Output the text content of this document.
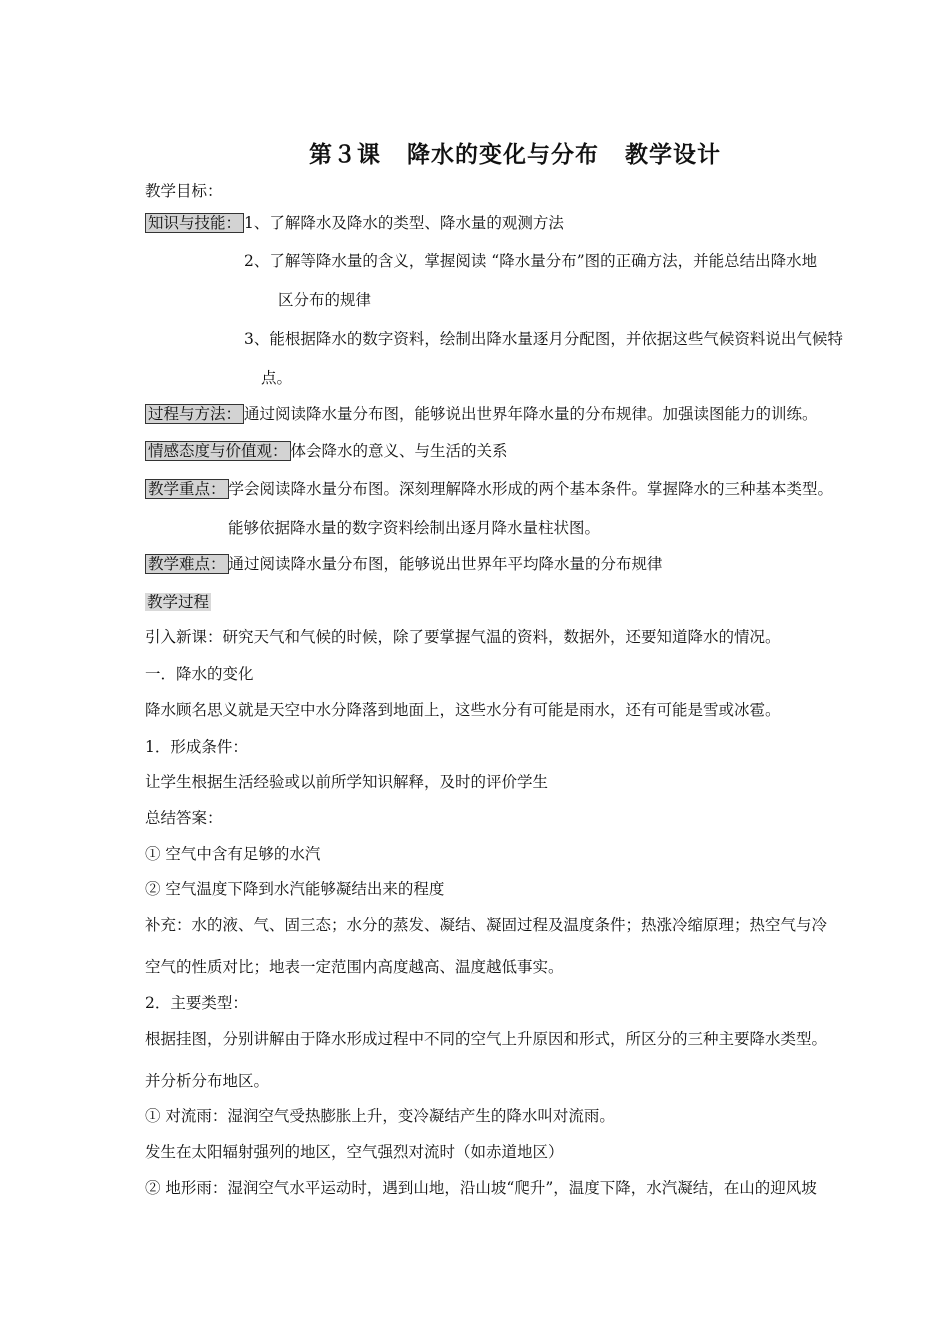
第３课 降水的变化与分布 教学设计
教学目标：
知识与技能： 1、了解降水及降水的类型、降水量的观测方法
2、了解等降水量的含义，掌握阅读 “降水量分布”图的正确方法，并能总结出降水地
区分布的规律
3、能根据降水的数字资料，绘制出降水量逐月分配图，并依据这些气候资料说出气候特
点。
过程与方法： 通过阅读降水量分布图，能够说出世界年降水量的分布规律。加强读图能力的训练。
情感态度与价值观： 体会降水的意义、与生活的关系
教学重点： 学会阅读降水量分布图。深刻理解降水形成的两个基本条件。掌握降水的三种基本类型。
能够依据降水量的数字资料绘制出逐月降水量柱状图。
教学难点： 通过阅读降水量分布图，能够说出世界年平均降水量的分布规律
教学过程
引入新课：研究天气和气候的时候，除了要掌握气温的资料，数据外，还要知道降水的情况。
一．降水的变化
降水顾名思义就是天空中水分降落到地面上，这些水分有可能是雨水，还有可能是雪或冰雹。
1．形成条件：
让学生根据生活经验或以前所学知识解释，及时的评价学生
总结答案：
① 空气中含有足够的水汽
② 空气温度下降到水汽能够凝结出来的程度
补充：水的液、气、固三态；水分的蒸发、凝结、凝固过程及温度条件；热涨冷缩原理；热空气与冷
空气的性质对比；地表一定范围内高度越高、温度越低事实。
2．主要类型：
根据挂图，分别讲解由于降水形成过程中不同的空气上升原因和形式，所区分的三种主要降水类型。
并分析分布地区。
① 对流雨：湿润空气受热膨胀上升，变冷凝结产生的降水叫对流雨。
发生在太阳辐射强列的地区，空气强烈对流时（如赤道地区）
② 地形雨：湿润空气水平运动时，遇到山地，沿山坡“爬升”，温度下降，水汽凝结，在山的迎风坡
